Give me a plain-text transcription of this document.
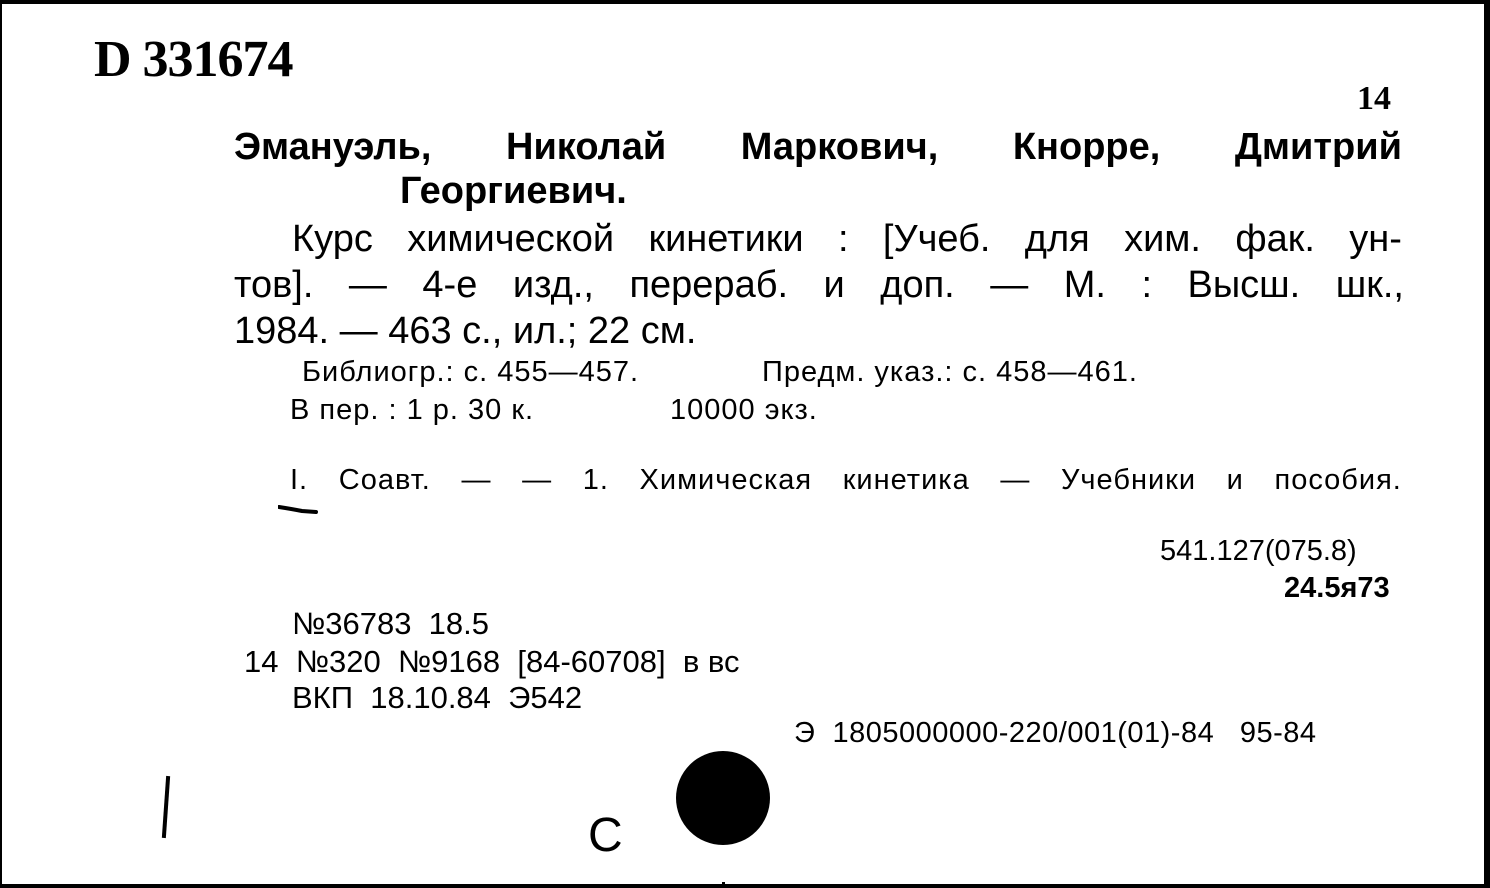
D 331674
14
Эмануэль, Николай Маркович, Кнорре, Дмитрий
Георгиевич.
Курс химической кинетики : [Учеб. для хим. фак. ун-
тов]. — 4-е изд., перераб. и доп. — М. : Высш. шк.,
1984. — 463 с., ил.; 22 см.
Библиогр.: с. 455—457.	Предм. указ.: с. 458—461.
В пер. : 1 р. 30 к.	10000 экз.
I. Соавт. — — 1. Химическая кинетика — Учебники и пособия.
541.127(075.8)
24.5я73
№36783  18.5
14  №320  №9168  [84-60708]  в вс
ВКП  18.10.84  Э542
Э  1805000000-220/001(01)-84   95-84
С
